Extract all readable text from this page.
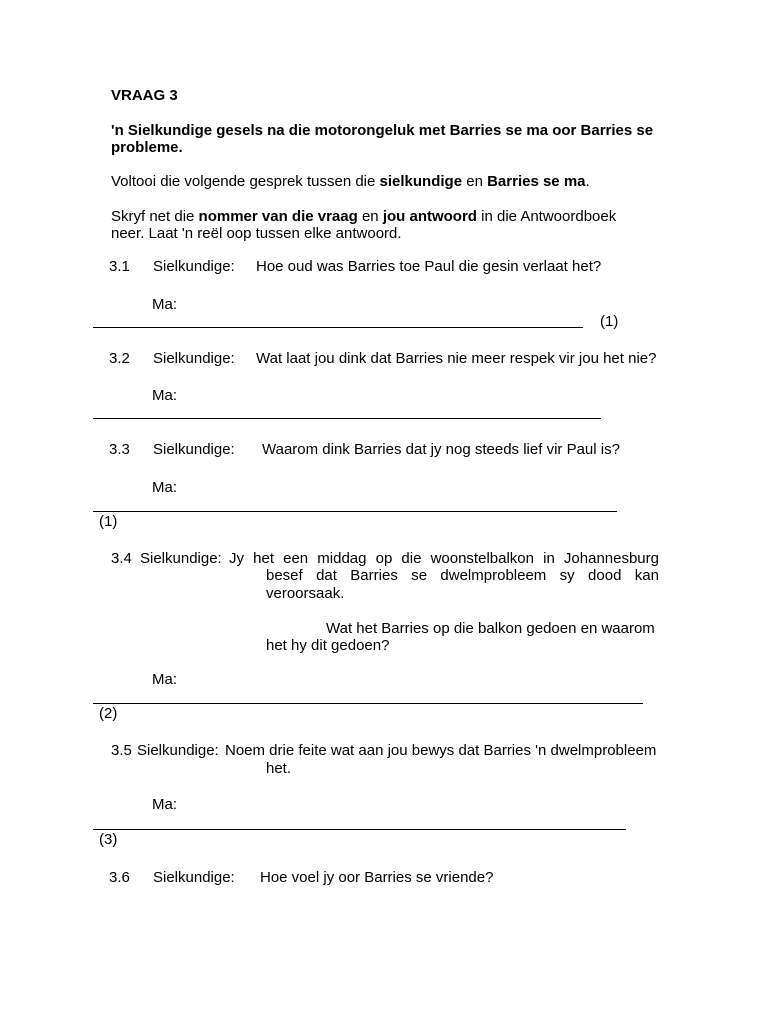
VRAAG 3
'n Sielkundige gesels na die motorongeluk met Barries se ma oor Barries se
probleme.
Voltooi die volgende gesprek tussen die sielkundige en Barries se ma.
Skryf net die nommer van die vraag en jou antwoord in die Antwoordboek
neer. Laat 'n reël oop tussen elke antwoord.
3.1 Sielkundige: Hoe oud was Barries toe Paul die gesin verlaat het?
Ma:
(1)
3.2 Sielkundige: Wat laat jou dink dat Barries nie meer respek vir jou het nie?
Ma:
3.3 Sielkundige: Waarom dink Barries dat jy nog steeds lief vir Paul is?
Ma:
(1)
3.4 Sielkundige: Jy het een middag op die woonstelbalkon in Johannesburg
besef dat Barries se dwelmprobleem sy dood kan
veroorsaak.
Wat het Barries op die balkon gedoen en waarom
het hy dit gedoen?
Ma:
(2)
3.5 Sielkundige: Noem drie feite wat aan jou bewys dat Barries 'n dwelmprobleem
het.
Ma:
(3)
3.6 Sielkundige: Hoe voel jy oor Barries se vriende?
